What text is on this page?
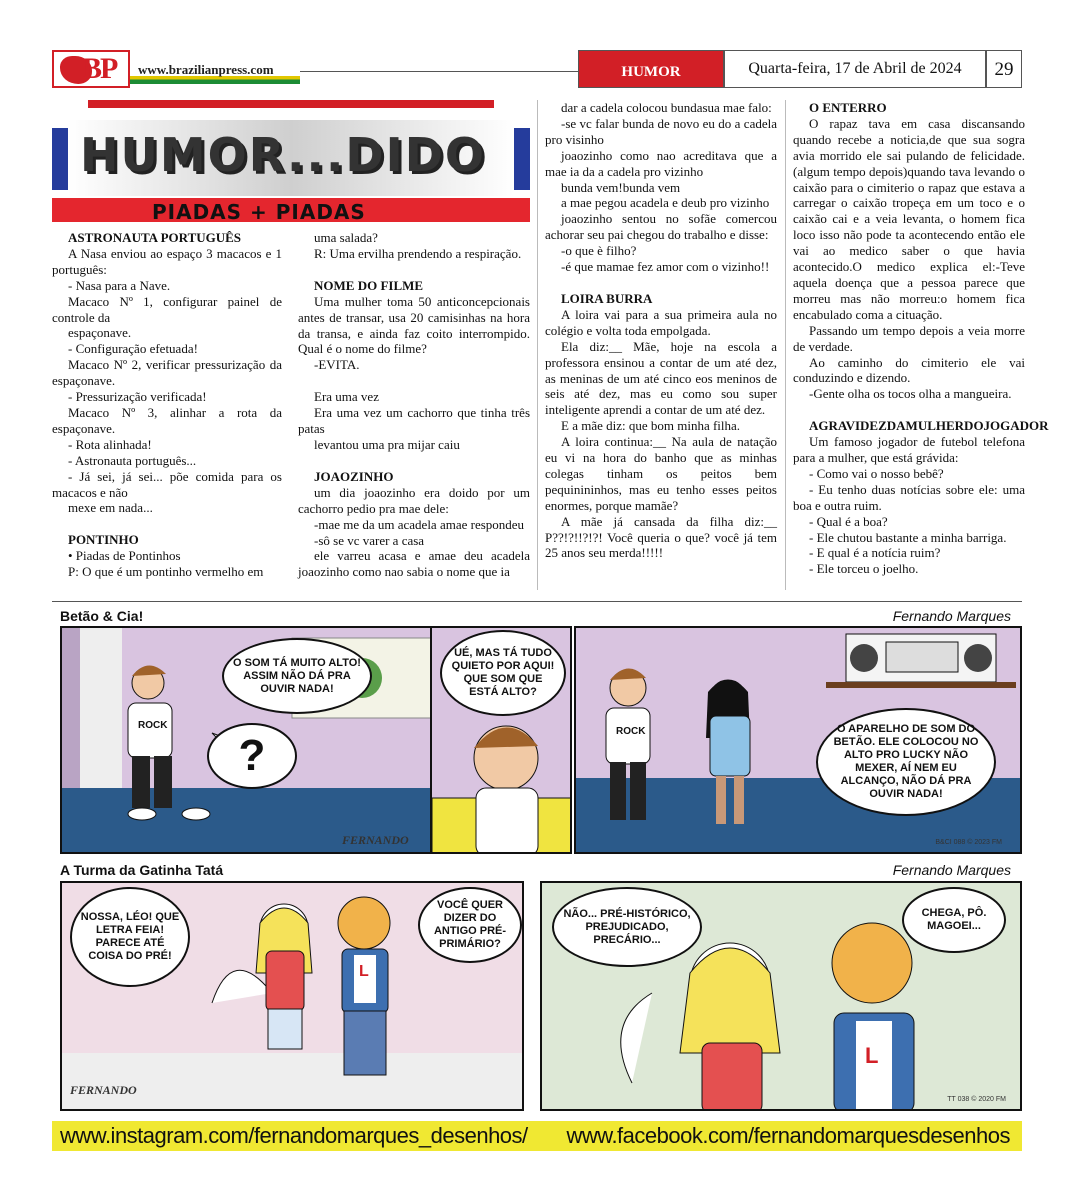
BP	www.brazilianpress.com	HUMOR	Quarta-feira, 17 de Abril de 2024	29
HUMOR...DIDO
PIADAS + PIADAS

ASTRONAUTA PORTUGUÊS

A Nasa enviou ao espaço 3 macacos e 1 português:

- Nasa para a Nave.

Macaco Nº 1, configurar painel de controle da

espaçonave.

- Configuração efetuada!

Macaco Nº 2, verificar pressurização da espaçonave.

- Pressurização verificada!

Macaco Nº 3, alinhar a rota da espaçonave.

- Rota alinhada!

- Astronauta português...

- Já sei, já sei... põe comida para os macacos e não

mexe em nada...

PONTINHO

• Piadas de Pontinhos

P: O que é um pontinho vermelho em

uma salada?

R: Uma ervilha prendendo a respiração.

NOME DO FILME

Uma mulher toma 50 anticoncepcionais antes de transar, usa 20 camisinhas na hora da transa, e ainda faz coito interrompido. Qual é o nome do filme?

-EVITA.

Era uma vez

Era uma vez um cachorro que tinha três patas

levantou uma pra mijar caiu

JOAOZINHO

um dia joaozinho era doido por um cachorro pedio pra mae dele:

-mae me da um acadela amae respondeu

-sô se vc varer a casa

ele varreu acasa e amae deu acadela joaozinho como nao sabia o nome que ia

dar a cadela colocou bundasua mae falo:

-se vc falar bunda de novo eu do a cadela pro visinho

joaozinho como nao acreditava que a mae ia da a cadela pro vizinho

bunda vem!bunda vem

a mae pegou acadela e deub pro vizinho

joaozinho sentou no sofãe comercou achorar seu pai chegou do trabalho e disse:

-o que è filho?

-é que mamae fez amor com o vizinho!!

LOIRA BURRA

A loira vai para a sua primeira aula no colégio e volta toda empolgada.

Ela diz:__ Mãe, hoje na escola a professora ensinou a contar de um até dez, as meninas de um até cinco eos meninos de seis até dez, mas eu como sou super inteligente aprendi a contar de um até dez.

E a mãe diz: que bom minha filha.

A loira continua:__ Na aula de natação eu vi na hora do banho que as minhas colegas tinham os peitos bem pequinininhos, mas eu tenho esses peitos enormes, porque mamãe?

A mãe já cansada da filha diz:__ P??!?!!?!?! Você queria o que? você já tem 25 anos seu merda!!!!!

O ENTERRO

O rapaz tava em casa discansando quando recebe a noticia,de que sua sogra avia morrido ele sai pulando de felicidade. (algum tempo depois)quando tava levando o caixão para o cimiterio o rapaz que estava a carregar o caixão tropeça em um toco e o caixão cai e a veia levanta, o homem fica loco isso não pode ta acontecendo então ele vai ao medico saber o que havia acontecido.O medico explica el:-Teve aquela doença que a pessoa parece que morreu mas não morreu:o homem fica encabulado coma a cituação.

Passando um tempo depois a veia morre de verdade.

Ao caminho do cimiterio ele vai conduzindo e dizendo.

-Gente olha os tocos olha a mangueira.

AGRAVIDEZDAMULHERDOJOGADOR

Um famoso jogador de futebol telefona para a mulher, que está grávida:

- Como vai o nosso bebê?

- Eu tenho duas notícias sobre ele: uma boa e outra ruim.

- Qual é a boa?

- Ele chutou bastante a minha barriga.

- E qual é a notícia ruim?

- Ele torceu o joelho.

Betão & Cia!	Fernando Marques
O SOM TÁ MUITO ALTO! ASSIM NÃO DÁ PRA OUVIR NADA!
?
ROCK
FERNANDO
UÉ, MAS TÁ TUDO QUIETO POR AQUI! QUE SOM QUE ESTÁ ALTO?
O APARELHO DE SOM DO BETÃO. ELE COLOCOU NO ALTO PRO LUCKY NÃO MEXER, AÍ NEM EU ALCANÇO, NÃO DÁ PRA OUVIR NADA!
ROCK
B&CI 088 © 2023 FM
A Turma da Gatinha Tatá	Fernando Marques
NOSSA, LÉO! QUE LETRA FEIA! PARECE ATÉ COISA DO PRÉ!
VOCÊ QUER DIZER DO ANTIGO PRÉ-PRIMÁRIO?
L
FERNANDO
NÃO... PRÉ-HISTÓRICO, PREJUDICADO, PRECÁRIO...
CHEGA, PÔ. MAGOEI...
L
TT 038 © 2020 FM
www.instagram.com/fernandomarques_desenhos/ www.facebook.com/fernandomarquesdesenhos
